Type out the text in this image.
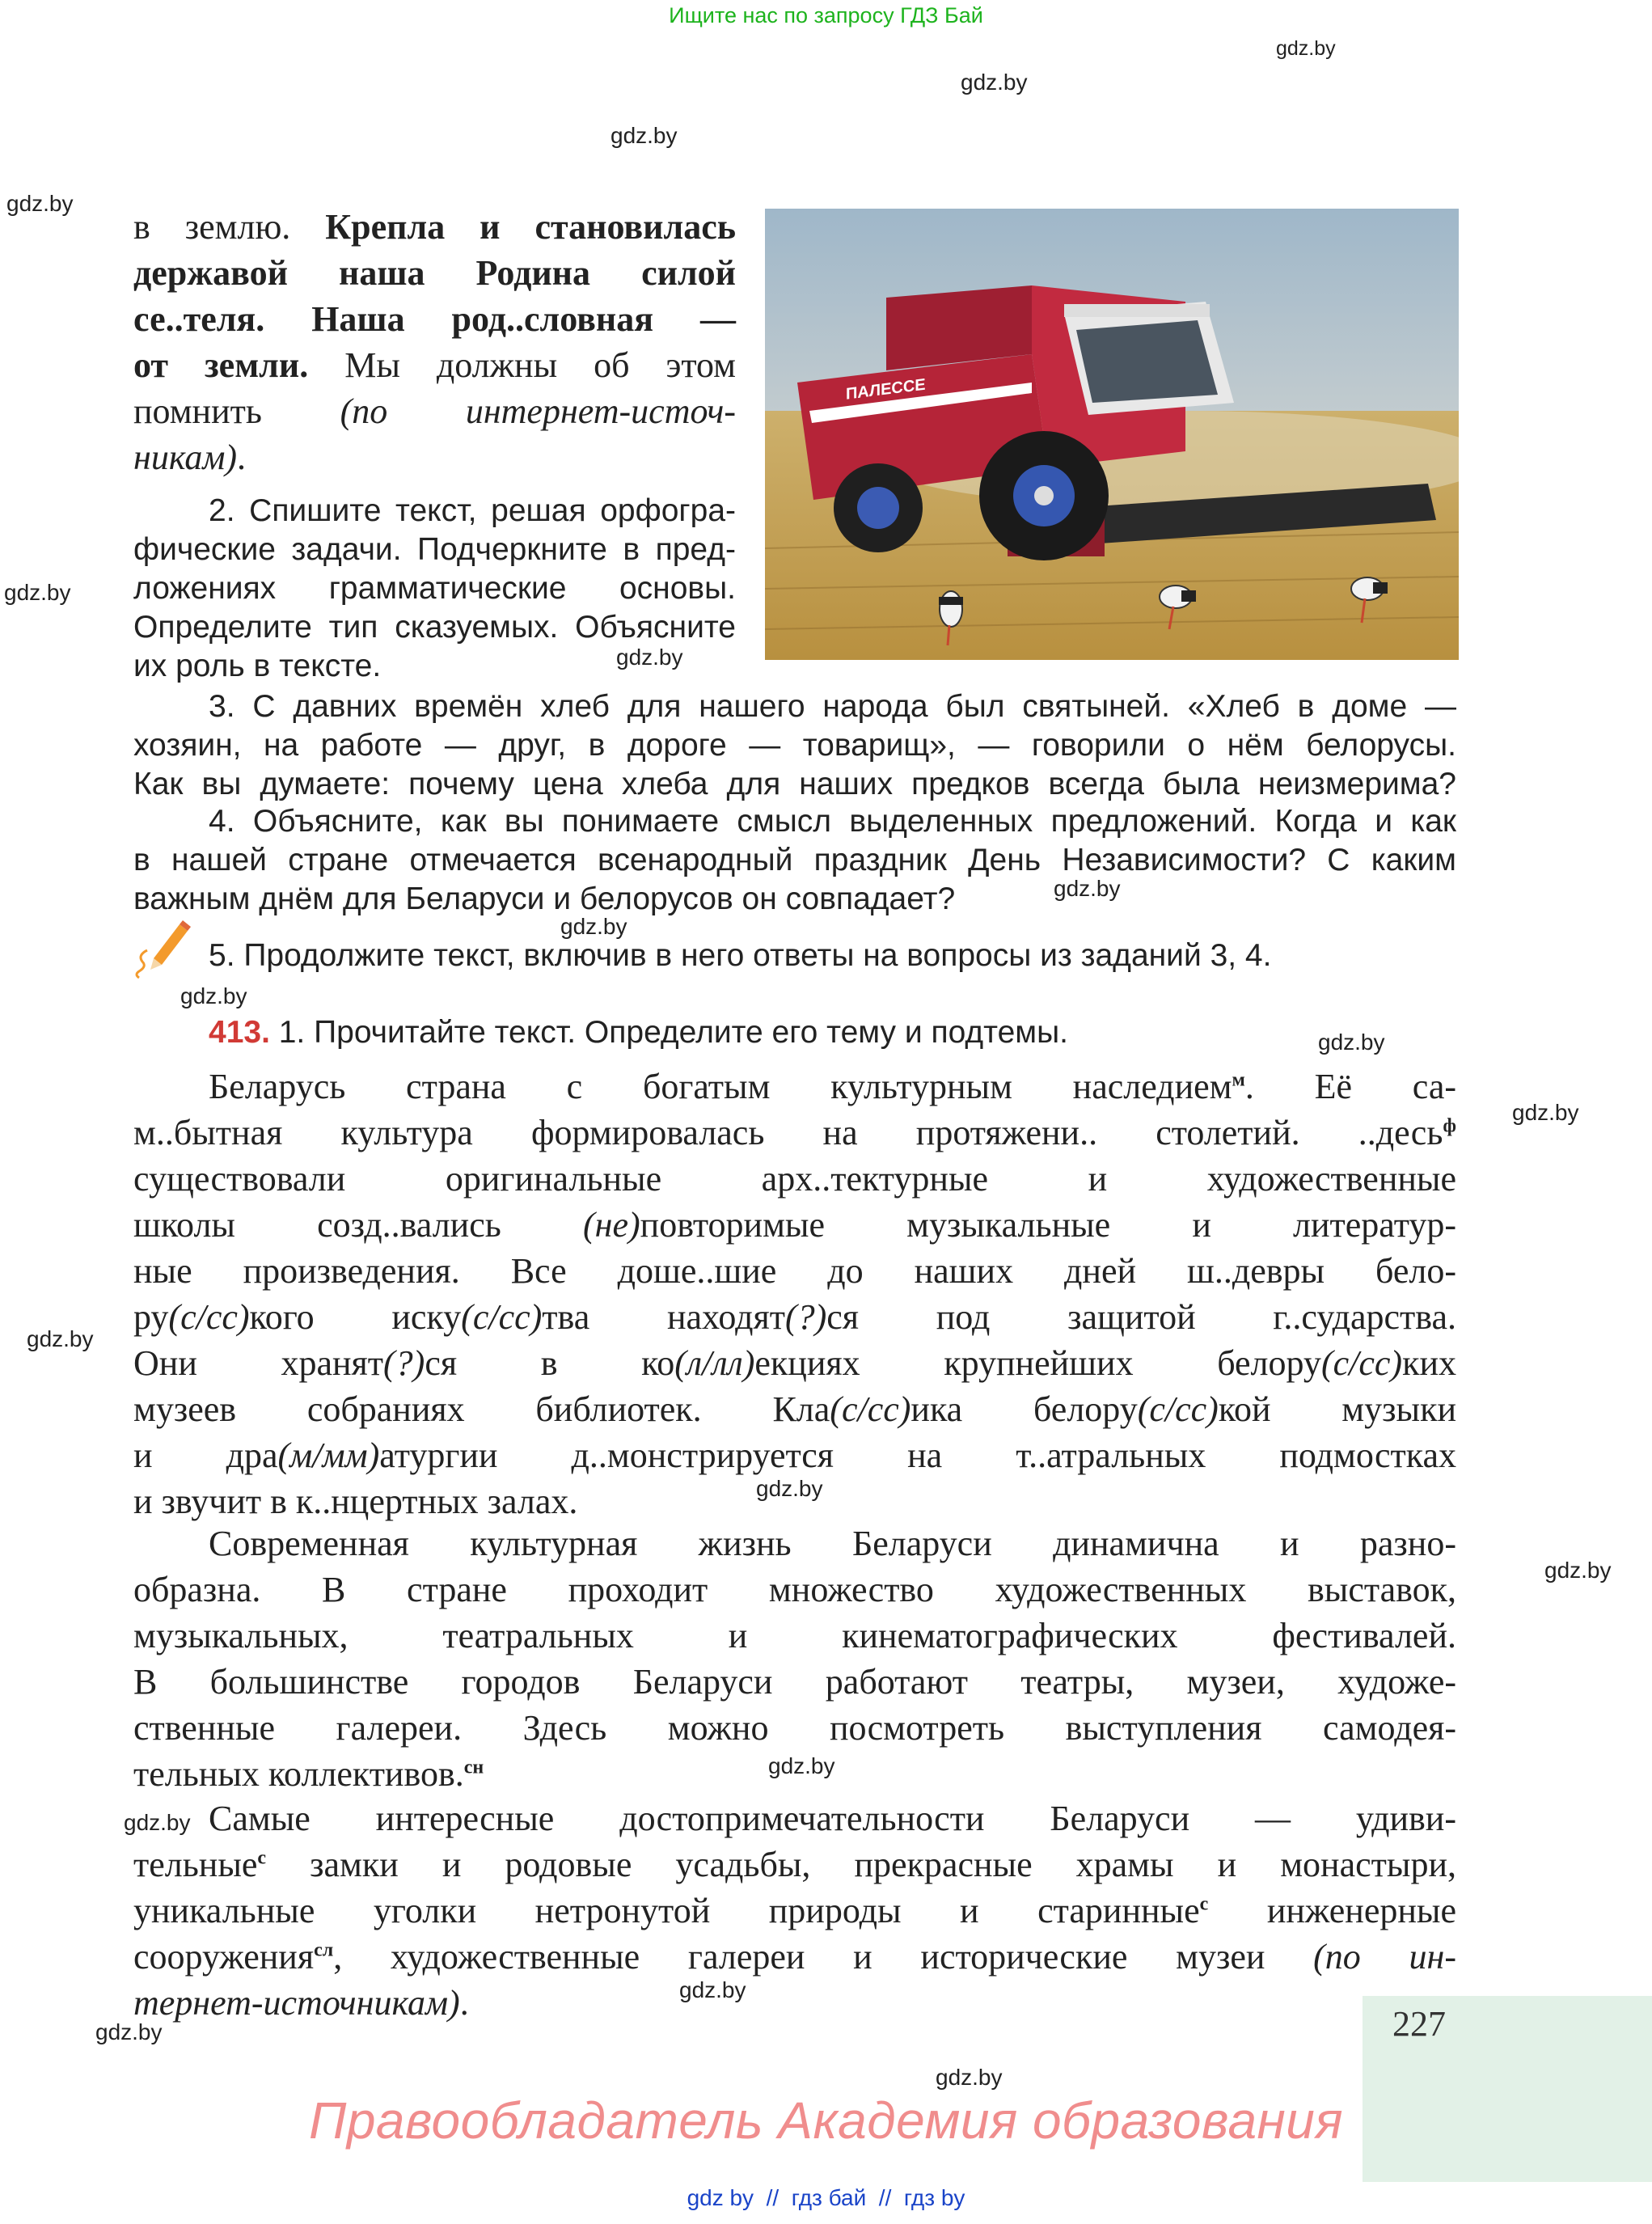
Ищите нас по запросу ГДЗ Бай
gdz.by
gdz.by
gdz.by
gdz.by
gdz.by
gdz.by
gdz.by
gdz.by
gdz.by
gdz.by
gdz.by
gdz.by
gdz.by
gdz.by
gdz.by
gdz.by
gdz.by
gdz.by
gdz.by
в землю. Крепла и становилась
державой наша Родина силой
се..теля. Наша род..словная —
от земли. Мы должны об этом
помнить (по интернет-источ-
никам).
ПАЛЕССЕ
2. Спишите текст, решая орфогра-
фические задачи. Подчеркните в пред-
ложениях грамматические основы.
Определите тип сказуемых. Объясните
их роль в тексте.
3. С давних времён хлеб для нашего народа был святыней. «Хлеб в доме —
хозяин, на работе — друг, в дороге — товарищ», — говорили о нём белорусы.
Как вы думаете: почему цена хлеба для наших предков всегда была неизмерима?
4. Объясните, как вы понимаете смысл выделенных предложений. Когда и как
в нашей стране отмечается всенародный праздник День Независимости? С каким
важным днём для Беларуси и белорусов он совпадает?
5. Продолжите текст, включив в него ответы на вопросы из заданий 3, 4.
413. 1. Прочитайте текст. Определите его тему и подтемы.
Беларусь страна с богатым культурным наследием$^м$. Её са-
м..бытная культура формировалась на протяжени.. столетий. ..десь$^ф$
существовали оригинальные арх..тектурные и художественные
школы созд..вались (не)повторимые музыкальные и литератур-
ные произведения. Все доше..шие до наших дней ш..девры бело-
ру(с/сс)кого иску(с/сс)тва находят(?)ся под защитой г..сударства.
Они хранят(?)ся в ко(л/лл)екциях крупнейших белору(с/сс)ких
музеев собраниях библиотек. Кла(с/сс)ика белору(с/сс)кой музыки
и дра(м/мм)атургии д..монстрируется на т..атральных подмостках
и звучит в к..нцертных залах.
Современная культурная жизнь Беларуси динамична и разно-
образна. В стране проходит множество художественных выставок,
музыкальных, театральных и кинематографических фестивалей.
В большинстве городов Беларуси работают театры, музеи, художе-
ственные галереи. Здесь можно посмотреть выступления самодея-
тельных коллективов.$^{сн}$
Самые интересные достопримечательности Беларуси — удиви-
тельные$^с$ замки и родовые усадьбы, прекрасные храмы и монастыри,
уникальные уголки нетронутой природы и старинные$^с$ инженерные
сооружения$^{сл}$, художественные галереи и исторические музеи (по ин-
тернет-источникам).
227
Правообладатель Академия образования
gdz by  //  гдз бай  //  гдз by
